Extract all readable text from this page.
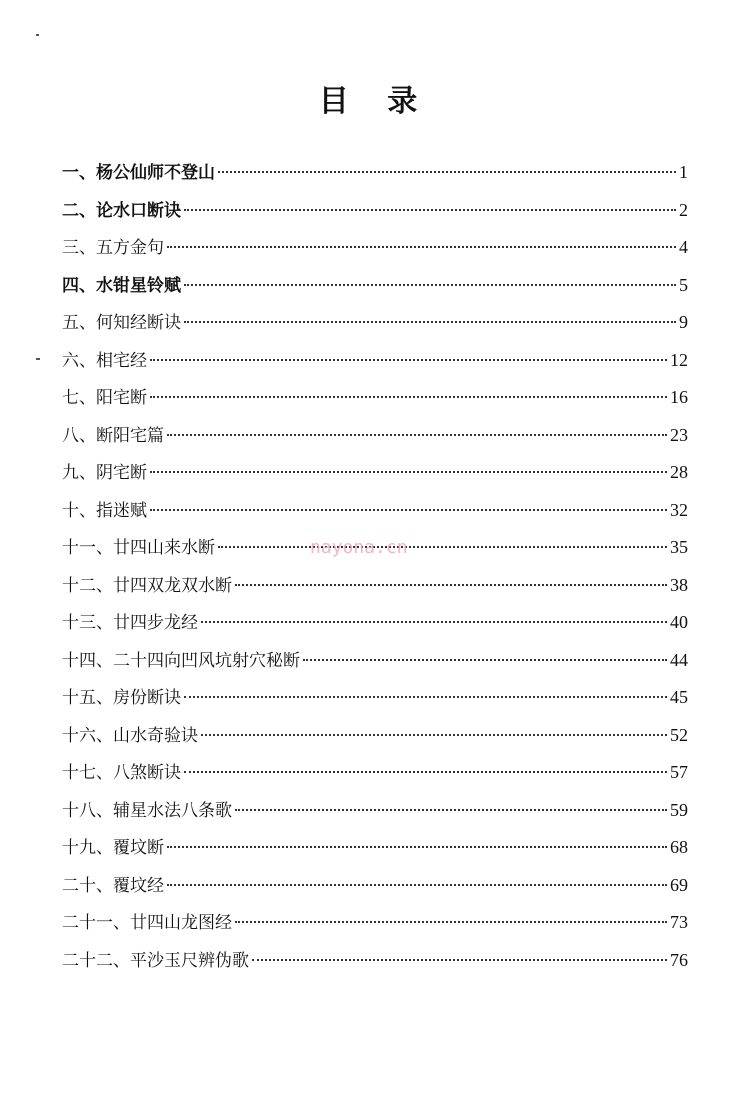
目 录
一、杨公仙师不登山	1
二、论水口断诀	2
三、五方金句	4
四、水钳星铃赋	5
五、何知经断诀	9
六、相宅经	12
七、阳宅断	16
八、断阳宅篇	23
九、阴宅断	28
十、指迷赋	32
十一、廿四山来水断	35
十二、廿四双龙双水断	38
十三、廿四步龙经	40
十四、二十四向凹风坑射穴秘断	44
十五、房份断诀	45
十六、山水奇验诀	52
十七、八煞断诀	57
十八、辅星水法八条歌	59
十九、覆坟断	68
二十、覆坟经	69
二十一、廿四山龙图经	73
二十二、平沙玉尺辨伪歌	76
nayona.cn
